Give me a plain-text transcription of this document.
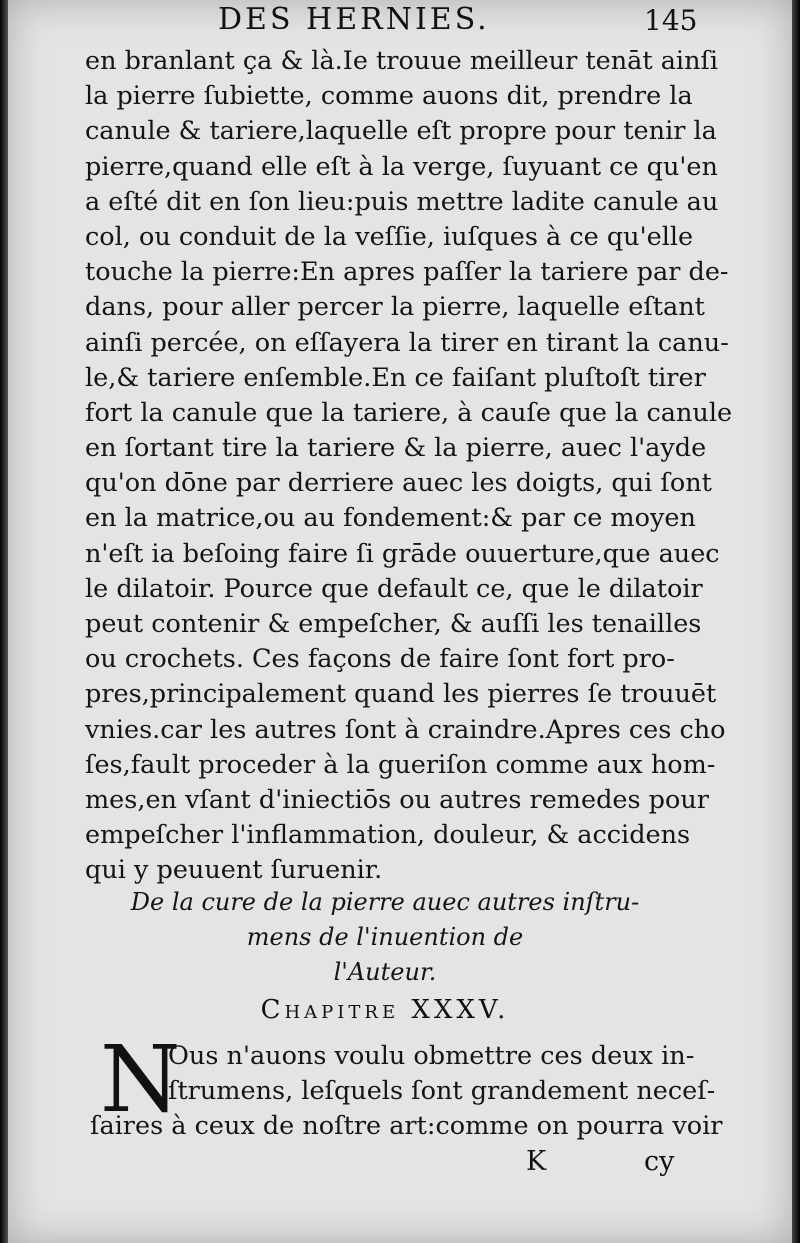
DES HERNIES.	145
en branlant ça & là.Ie trouue meilleur tenāt ainſi
la pierre ſubiette, comme auons dit, prendre la
canule & tariere,laquelle eſt propre pour tenir la
pierre,quand elle eſt à la verge, ſuyuant ce qu'en
a eſté dit en ſon lieu:puis mettre ladite canule au
col, ou conduit de la veſſie, iuſques à ce qu'elle
touche la pierre:En apres paſſer la tariere par de-
dans, pour aller percer la pierre, laquelle eſtant
ainſi percée, on eſſayera la tirer en tirant la canu-
le,& tariere enſemble.En ce faiſant pluſtoſt tirer
fort la canule que la tariere, à cauſe que la canule
en ſortant tire la tariere & la pierre, auec l'ayde
qu'on dōne par derriere auec les doigts, qui ſont
en la matrice,ou au fondement:& par ce moyen
n'eſt ia beſoing faire ſi grāde ouuerture,que auec
le dilatoir. Pource que default ce, que le dilatoir
peut contenir & empeſcher, & auſſi les tenailles
ou crochets. Ces façons de faire ſont fort pro-
pres,principalement quand les pierres ſe trouuēt
vnies.car les autres ſont à craindre.Apres ces cho
ſes,fault proceder à la gueriſon comme aux hom-
mes,en vſant d'iniectiōs ou autres remedes pour
empeſcher l'inflammation, douleur, & accidens
qui y peuuent ſuruenir.
De la cure de la pierre auec autres inſtru-
mens de l'inuention de
l'Auteur.
Chapitre XXXV.
N
Ous n'auons voulu obmettre ces deux in-
ſtrumens, leſquels ſont grandement neceſ-
ſaires à ceux de noſtre art:comme on pourra voir
K	cy
